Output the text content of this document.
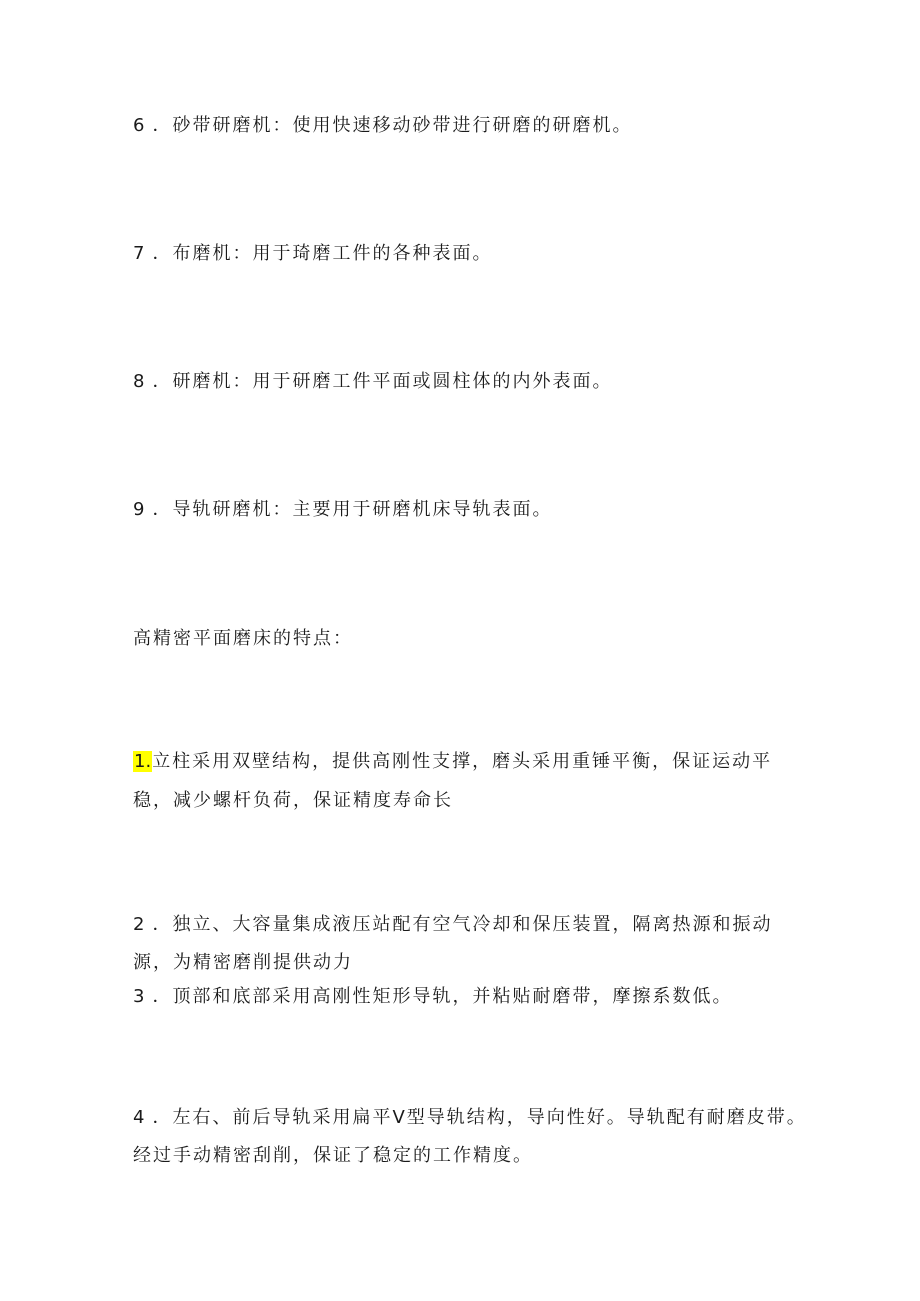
6 ．砂带研磨机：使用快速移动砂带进行研磨的研磨机。

7 ．布磨机：用于琦磨工件的各种表面。

8 ．研磨机：用于研磨工件平面或圆柱体的内外表面。

9 ．导轨研磨机：主要用于研磨机床导轨表面。

高精密平面磨床的特点：

1.立柱采用双壁结构，提供高刚性支撑，磨头采用重锤平衡，保证运动平

稳，减少螺杆负荷，保证精度寿命长

2 ．独立、大容量集成液压站配有空气冷却和保压装置，隔离热源和振动

源，为精密磨削提供动力

3 ．顶部和底部采用高刚性矩形导轨，并粘贴耐磨带，摩擦系数低。

4 ．左右、前后导轨采用扁平V型导轨结构，导向性好。导轨配有耐磨皮带。

经过手动精密刮削，保证了稳定的工作精度。
